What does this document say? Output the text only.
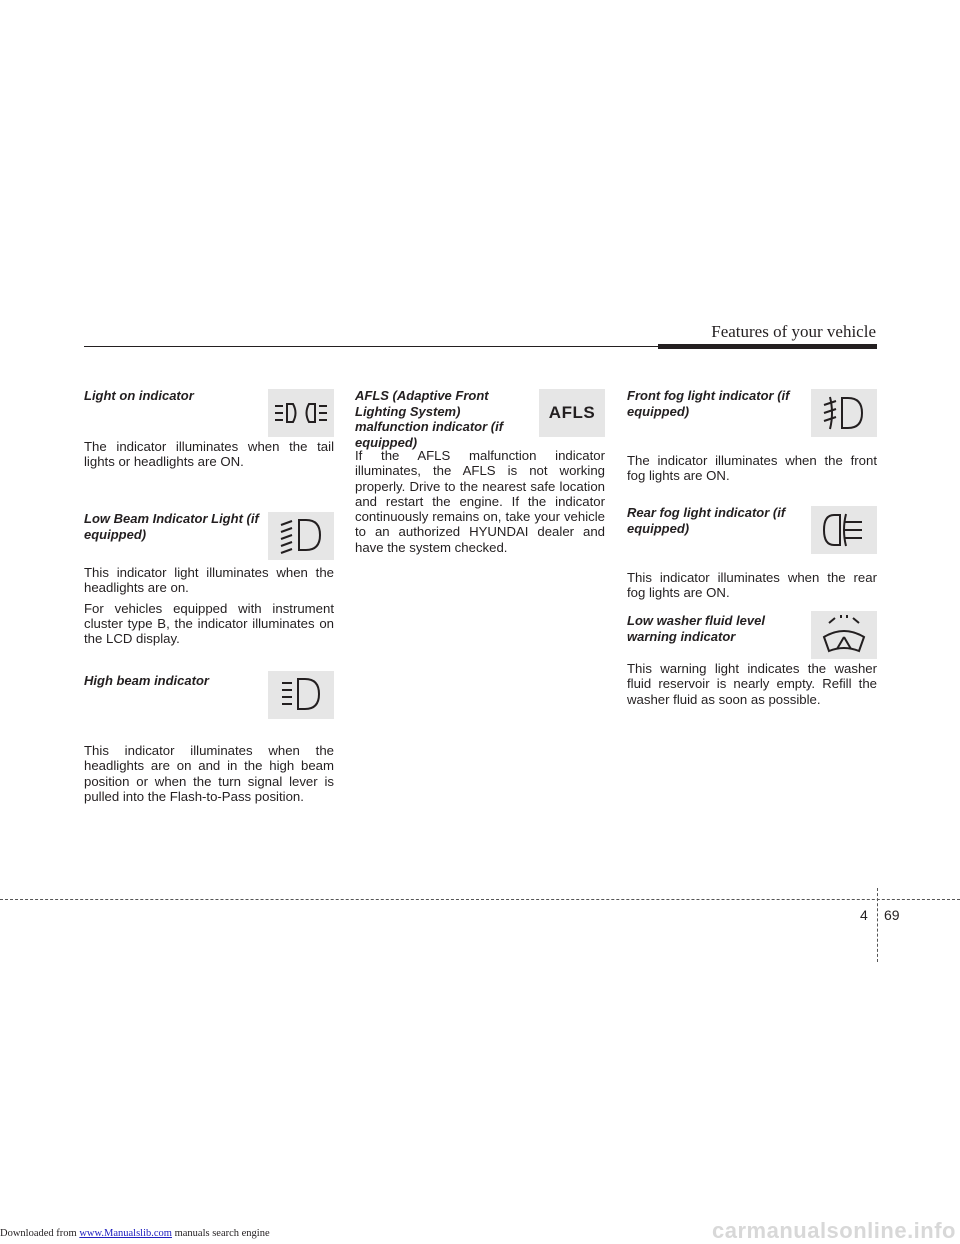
Features of your vehicle
Light on indicator

The indicator illuminates when the tail lights or headlights are ON.

Low Beam Indicator Light (if equipped)

This indicator light illuminates when the headlights are on.

For vehicles equipped with instrument cluster type B, the indicator illuminates on the LCD display.

High beam indicator

This indicator illuminates when the headlights are on and in the high beam position or when the turn signal lever is pulled into the Flash-to-Pass position.

AFLS (Adaptive Front Lighting System) malfunction indicator (if equipped)
AFLS

If the AFLS malfunction indicator illuminates, the AFLS is not working properly. Drive to the nearest safe location and restart the engine. If the indicator continuously remains on, take your vehicle to an authorized HYUNDAI dealer and have the system checked.

Front fog light indicator (if equipped)

The indicator illuminates when the front fog lights are ON.

Rear fog light indicator (if equipped)

This indicator illuminates when the rear fog lights are ON.

Low washer fluid level warning indicator

This warning light indicates the washer fluid reservoir is nearly empty. Refill the washer fluid as soon as possible.

4 69
Downloaded from www.Manualslib.com manuals search engine	carmanualsonline.info
